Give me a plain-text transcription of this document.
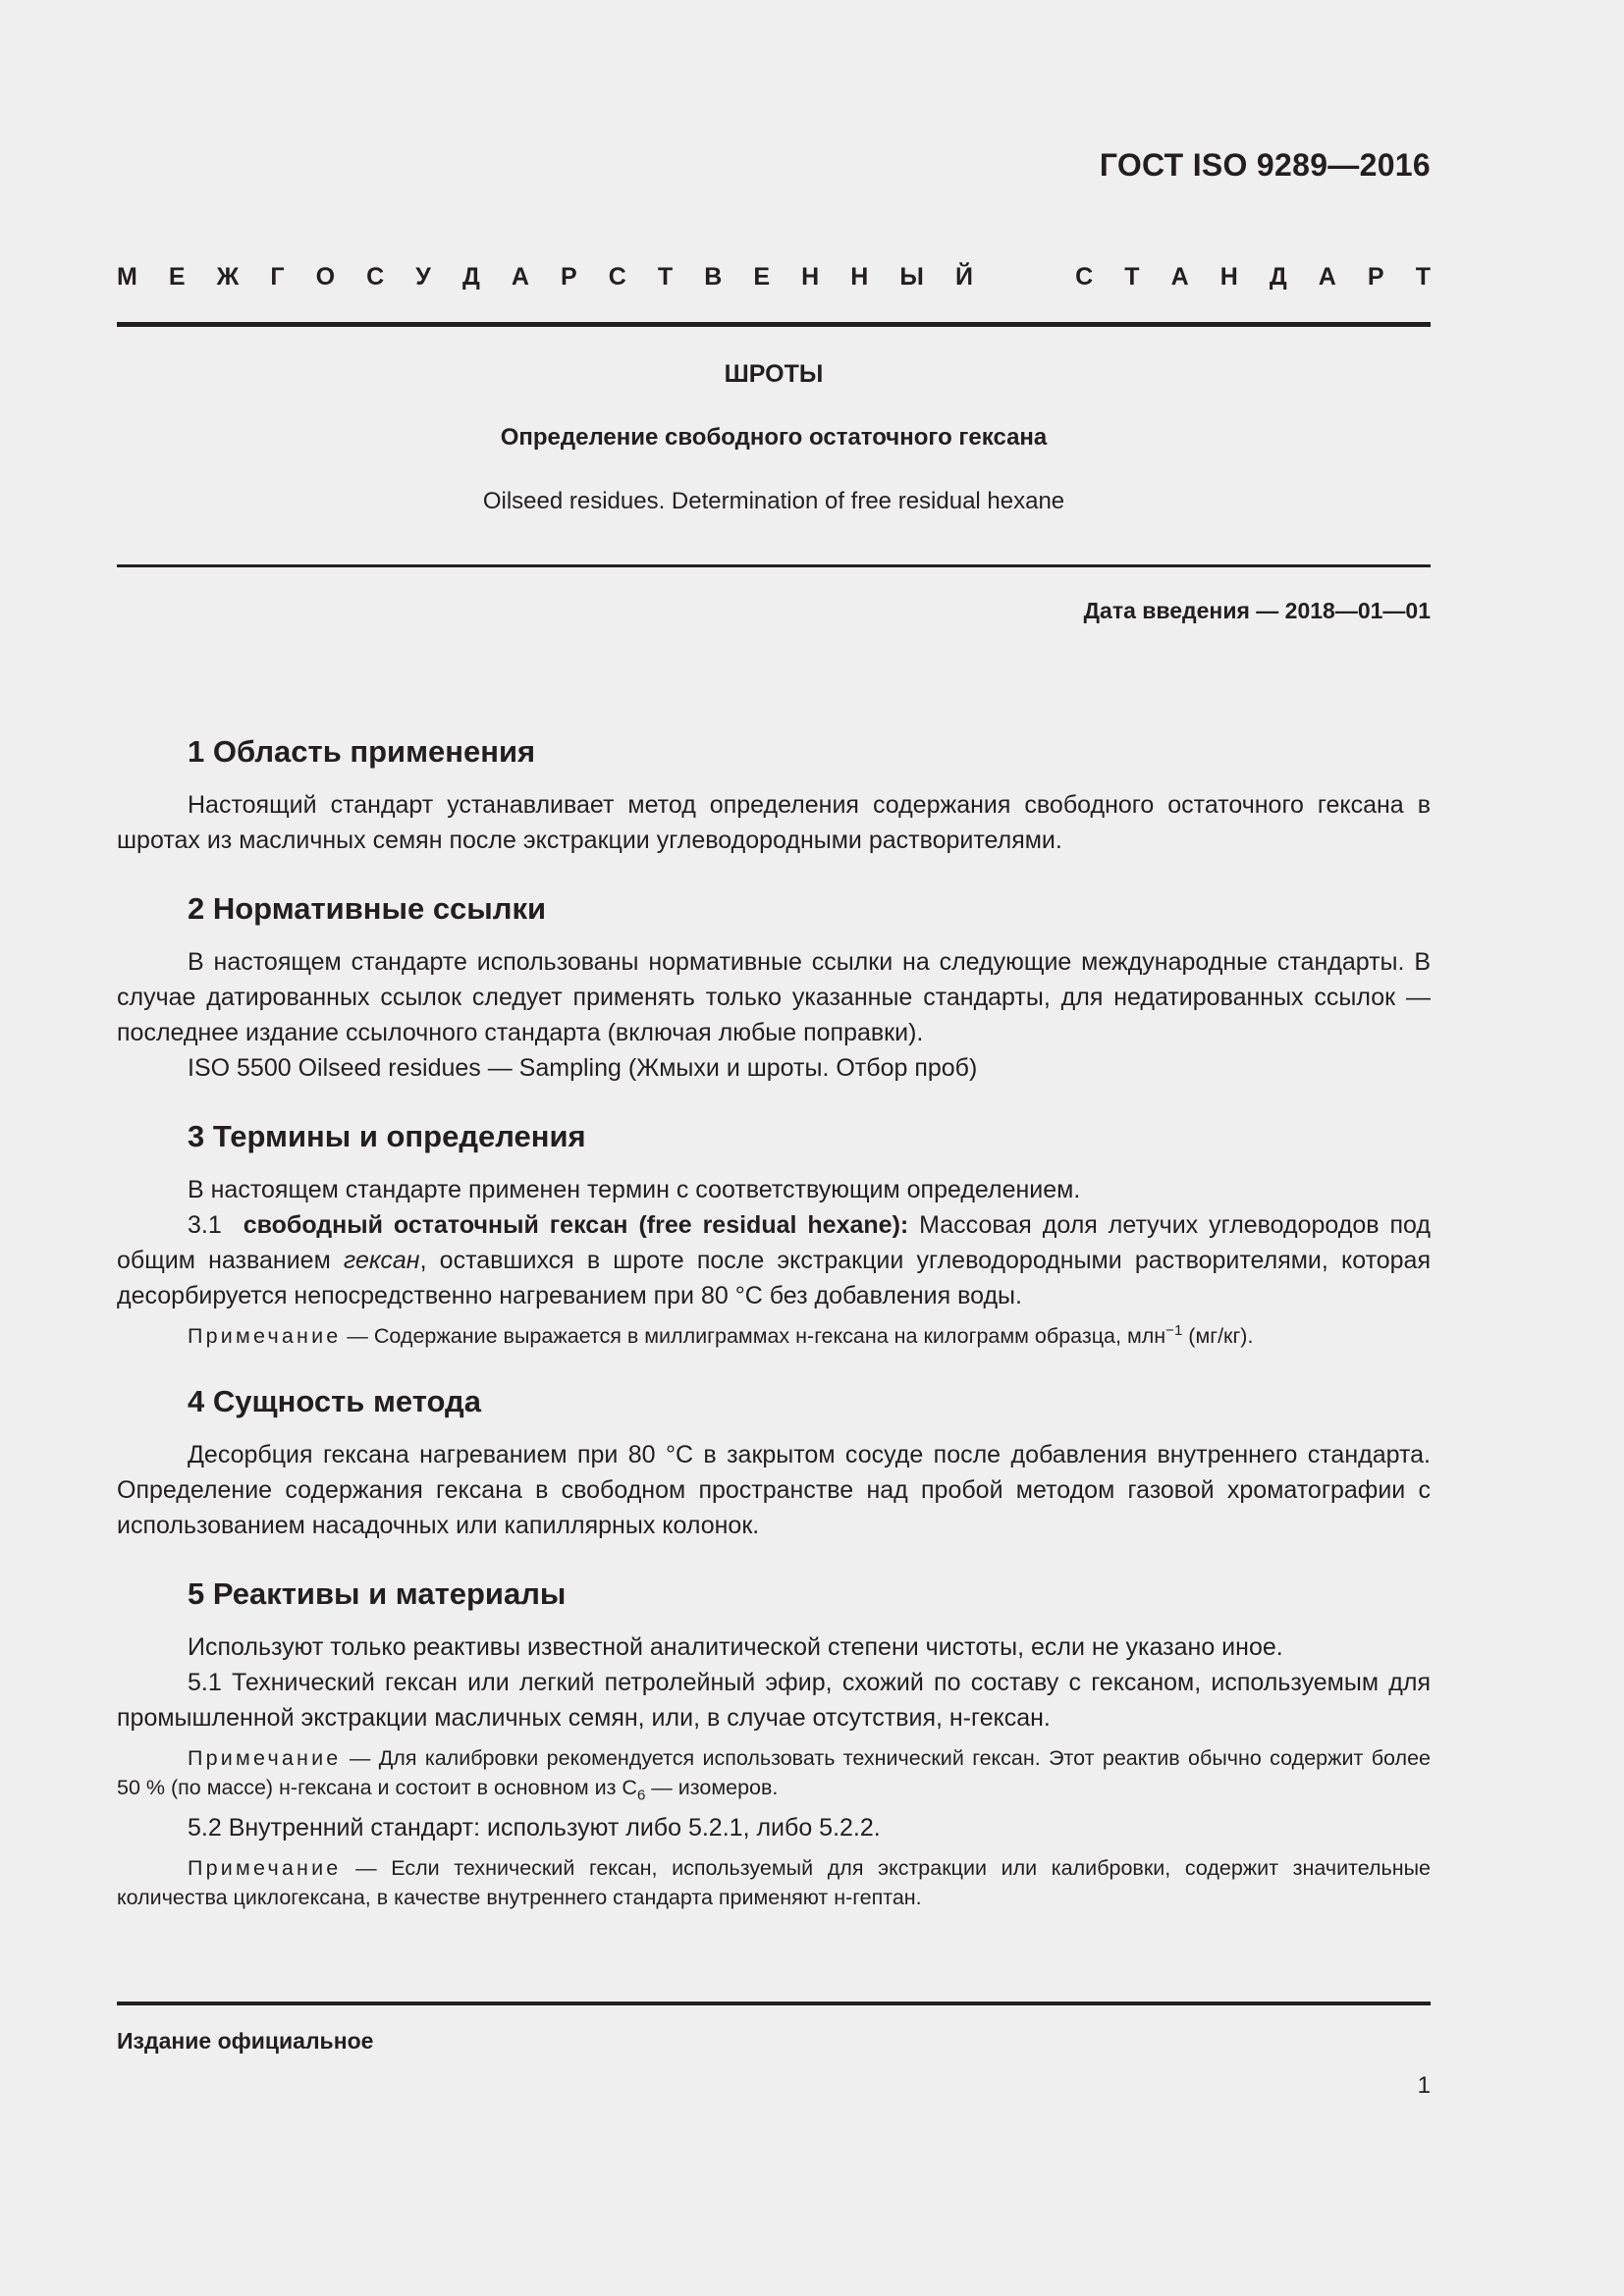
ГОСТ ISO 9289—2016
М Е Ж Г О С У Д А Р С Т В Е Н Н Ы Й	С Т А Н Д А Р Т
ШРОТЫ
Определение свободного остаточного гексана
Oilseed residues. Determination of free residual hexane
Дата введения — 2018—01—01
1 Область применения

Настоящий стандарт устанавливает метод определения содержания свободного остаточного гексана в шротах из масличных семян после экстракции углеводородными растворителями.

2 Нормативные ссылки

В настоящем стандарте использованы нормативные ссылки на следующие международные стандарты. В случае датированных ссылок следует применять только указанные стандарты, для недатированных ссылок — последнее издание ссылочного стандарта (включая любые поправки).

ISO 5500 Oilseed residues — Sampling (Жмыхи и шроты. Отбор проб)

3 Термины и определения

В настоящем стандарте применен термин с соответствующим определением.

3.1 свободный остаточный гексан (free residual hexane): Массовая доля летучих углеводородов под общим названием гексан, оставшихся в шроте после экстракции углеводородными растворителями, которая десорбируется непосредственно нагреванием при 80 °С без добавления воды.

Примечание — Содержание выражается в миллиграммах н-гексана на килограмм образца, млн$^{-1}$ (мг/кг).

4 Сущность метода

Десорбция гексана нагреванием при 80 °С в закрытом сосуде после добавления внутреннего стандарта. Определение содержания гексана в свободном пространстве над пробой методом газовой хроматографии с использованием насадочных или капиллярных колонок.

5 Реактивы и материалы

Используют только реактивы известной аналитической степени чистоты, если не указано иное.

5.1 Технический гексан или легкий петролейный эфир, схожий по составу с гексаном, используемым для промышленной экстракции масличных семян, или, в случае отсутствия, н-гексан.

Примечание — Для калибровки рекомендуется использовать технический гексан. Этот реактив обычно содержит более 50 % (по массе) н-гексана и состоит в основном из $С_6$ — изомеров.

5.2 Внутренний стандарт: используют либо 5.2.1, либо 5.2.2.

Примечание — Если технический гексан, используемый для экстракции или калибровки, содержит значительные количества циклогексана, в качестве внутреннего стандарта применяют н-гептан.

Издание официальное
1
